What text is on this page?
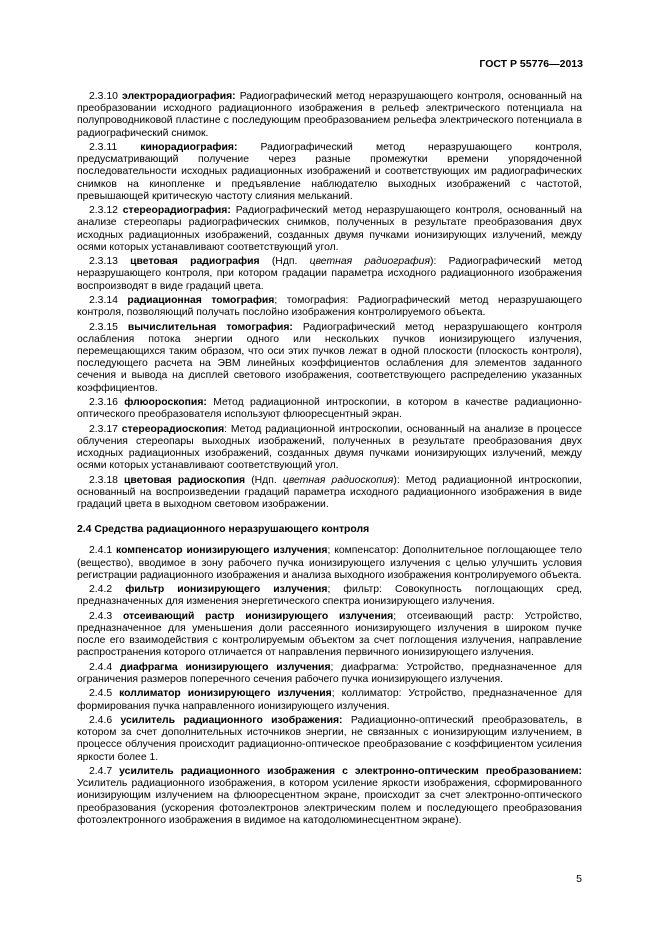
ГОСТ Р 55776—2013
2.3.10 электрорадиография: Радиографический метод неразрушающего контроля, основанный на преобразовании исходного радиационного изображения в рельеф электрического потенциала на полупроводниковой пластине с последующим преобразованием рельефа электрического потенциала в радиографический снимок.
2.3.11 кинорадиография: Радиографический метод неразрушающего контроля, предусматривающий получение через разные промежутки времени упорядоченной последовательности исходных радиационных изображений и соответствующих им радиографических снимков на кинопленке и предъявление наблюдателю выходных изображений с частотой, превышающей критическую частоту слияния мельканий.
2.3.12 стереорадиография: Радиографический метод неразрушающего контроля, основанный на анализе стереопары радиографических снимков, полученных в результате преобразования двух исходных радиационных изображений, созданных двумя пучками ионизирующих излучений, между осями которых устанавливают соответствующий угол.
2.3.13 цветовая радиография (Ндп. цветная радиография): Радиографический метод неразрушающего контроля, при котором градации параметра исходного радиационного изображения воспроизводят в виде градаций цвета.
2.3.14 радиационная томография; томография: Радиографический метод неразрушающего контроля, позволяющий получать послойно изображения контролируемого объекта.
2.3.15 вычислительная томография: Радиографический метод неразрушающего контроля ослабления потока энергии одного или нескольких пучков ионизирующего излучения, перемещающихся таким образом, что оси этих пучков лежат в одной плоскости (плоскость контроля), последующего расчета на ЭВМ линейных коэффициентов ослабления для элементов заданного сечения и вывода на дисплей светового изображения, соответствующего распределению указанных коэффициентов.
2.3.16 флюороскопия: Метод радиационной интроскопии, в котором в качестве радиационно-оптического преобразователя используют флюоресцентный экран.
2.3.17 стереорадиоскопия: Метод радиационной интроскопии, основанный на анализе в процессе облучения стереопары выходных изображений, полученных в результате преобразования двух исходных радиационных изображений, созданных двумя пучками ионизирующих излучений, между осями которых устанавливают соответствующий угол.
2.3.18 цветовая радиоскопия (Ндп. цветная радиоскопия): Метод радиационной интроскопии, основанный на воспроизведении градаций параметра исходного радиационного изображения в виде градаций цвета в выходном световом изображении.
2.4 Средства радиационного неразрушающего контроля
2.4.1 компенсатор ионизирующего излучения; компенсатор: Дополнительное поглощающее тело (вещество), вводимое в зону рабочего пучка ионизирующего излучения с целью улучшить условия регистрации радиационного изображения и анализа выходного изображения контролируемого объекта.
2.4.2 фильтр ионизирующего излучения; фильтр: Совокупность поглощающих сред, предназначенных для изменения энергетического спектра ионизирующего излучения.
2.4.3 отсеивающий растр ионизирующего излучения; отсеивающий растр: Устройство, предназначенное для уменьшения доли рассеянного ионизирующего излучения в широком пучке после его взаимодействия с контролируемым объектом за счет поглощения излучения, направление распространения которого отличается от направления первичного ионизирующего излучения.
2.4.4 диафрагма ионизирующего излучения; диафрагма: Устройство, предназначенное для ограничения размеров поперечного сечения рабочего пучка ионизирующего излучения.
2.4.5 коллиматор ионизирующего излучения; коллиматор: Устройство, предназначенное для формирования пучка направленного ионизирующего излучения.
2.4.6 усилитель радиационного изображения: Радиационно-оптический преобразователь, в котором за счет дополнительных источников энергии, не связанных с ионизирующим излучением, в процессе облучения происходит радиационно-оптическое преобразование с коэффициентом усиления яркости более 1.
2.4.7 усилитель радиационного изображения с электронно-оптическим преобразованием: Усилитель радиационного изображения, в котором усиление яркости изображения, сформированного ионизирующим излучением на флюоресцентном экране, происходит за счет электронно-оптического преобразования (ускорения фотоэлектронов электрическим полем и последующего преобразования фотоэлектронного изображения в видимое на катодолюминесцентном экране).
5
